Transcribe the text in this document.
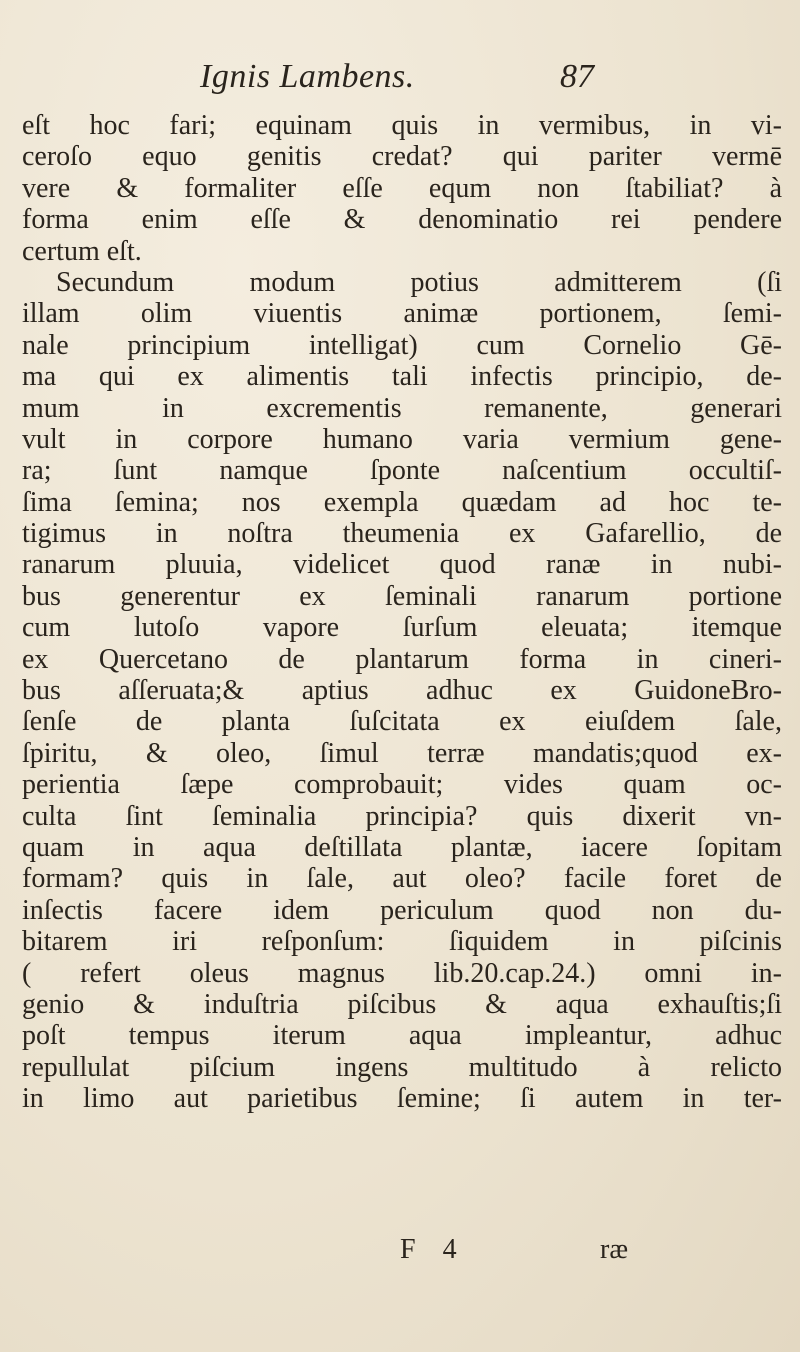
Ignis Lambens.	87
eſt hoc fari; equinam quis in vermibus, in vi-
ceroſo equo genitis credat? qui pariter vermē
vere & formaliter eſſe equm non ſtabiliat? à
forma enim eſſe & denominatio rei pendere
certum eſt.
Secundum modum potius admitterem (ſi
illam olim viuentis animæ portionem, ſemi-
nale principium intelligat) cum Cornelio Gē-
ma qui ex alimentis tali infectis principio, de-
mum in excrementis remanente, generari
vult in corpore humano varia vermium gene-
ra; ſunt namque ſponte naſcentium occultiſ-
ſima ſemina; nos exempla quædam ad hoc te-
tigimus in noſtra theumenia ex Gafarellio, de
ranarum pluuia, videlicet quod ranæ in nubi-
bus generentur ex ſeminali ranarum portione
cum lutoſo vapore ſurſum eleuata; itemque
ex Quercetano de plantarum forma in cineri-
bus aſſeruata;& aptius adhuc ex GuidoneBro-
ſenſe de planta ſuſcitata ex eiuſdem ſale,
ſpiritu, & oleo, ſimul terræ mandatis;quod ex-
perientia ſæpe comprobauit; vides quam oc-
culta ſint ſeminalia principia? quis dixerit vn-
quam in aqua deſtillata plantæ, iacere ſopitam
formam? quis in ſale, aut oleo? facile foret de
inſectis facere idem periculum quod non du-
bitarem iri reſponſum: ſiquidem in piſcinis
( refert oleus magnus lib.20.cap.24.) omni in-
genio & induſtria piſcibus & aqua exhauſtis;ſi
poſt tempus iterum aqua impleantur, adhuc
repullulat piſcium ingens multitudo à relicto
in limo aut parietibus ſemine; ſi autem in ter-
F 4	ræ
